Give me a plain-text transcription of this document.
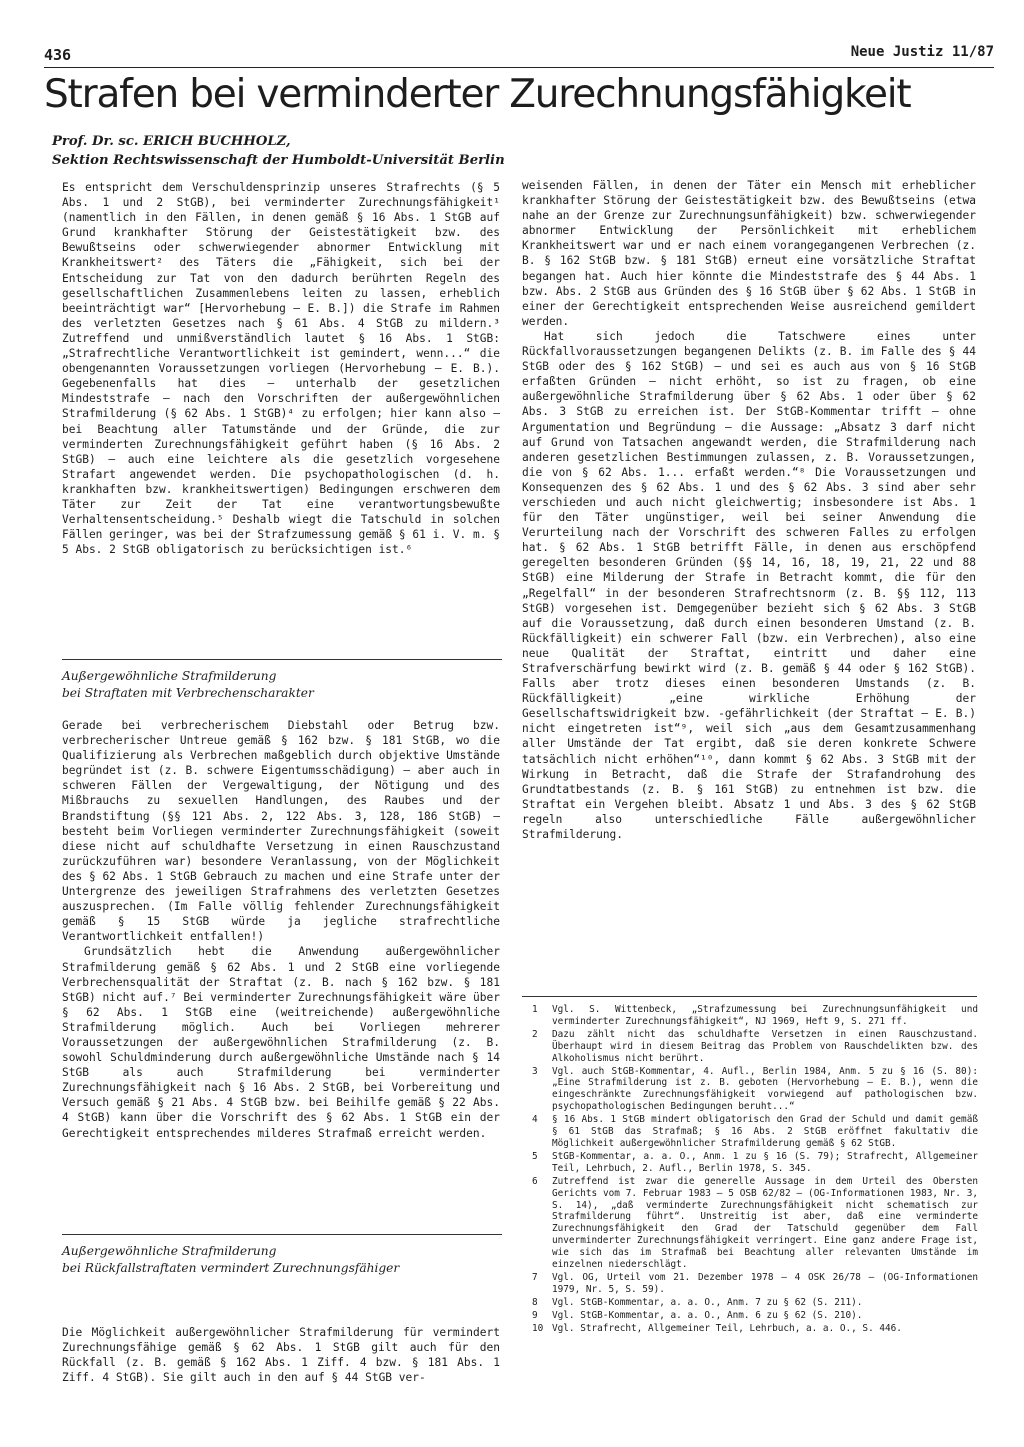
436	Neue Justiz 11/87
Strafen bei verminderter Zurechnungsfähigkeit
Prof. Dr. sc. ERICH BUCHHOLZ,
Sektion Rechtswissenschaft der Humboldt-Universität Berlin

Es entspricht dem Verschuldensprinzip unseres Strafrechts (§ 5 Abs. 1 und 2 StGB), bei verminderter Zurechnungsfähigkeit¹ (namentlich in den Fällen, in denen gemäß § 16 Abs. 1 StGB auf Grund krankhafter Störung der Geistestätigkeit bzw. des Bewußtseins oder schwerwiegender abnormer Entwicklung mit Krankheitswert² des Täters die „Fähigkeit, sich bei der Entscheidung zur Tat von den dadurch berührten Regeln des gesellschaftlichen Zusammenlebens leiten zu lassen, erheblich beeinträchtigt war“ [Hervorhebung — E. B.]) die Strafe im Rahmen des verletzten Gesetzes nach § 61 Abs. 4 StGB zu mildern.³ Zutreffend und unmißverständlich lautet § 16 Abs. 1 StGB: „Strafrechtliche Verantwortlichkeit ist gemindert, wenn...“ die obengenannten Voraussetzungen vorliegen (Hervorhebung — E. B.). Gegebenenfalls hat dies — unterhalb der gesetzlichen Mindeststrafe — nach den Vorschriften der außergewöhnlichen Strafmilderung (§ 62 Abs. 1 StGB)⁴ zu erfolgen; hier kann also — bei Beachtung aller Tatumstände und der Gründe, die zur verminderten Zurechnungsfähigkeit geführt haben (§ 16 Abs. 2 StGB) — auch eine leichtere als die gesetzlich vorgesehene Strafart angewendet werden. Die psychopathologischen (d. h. krankhaften bzw. krankheitswertigen) Bedingungen erschweren dem Täter zur Zeit der Tat eine verantwortungsbewußte Verhaltensentscheidung.⁵ Deshalb wiegt die Tatschuld in solchen Fällen geringer, was bei der Strafzumessung gemäß § 61 i. V. m. § 5 Abs. 2 StGB obligatorisch zu berücksichtigen ist.⁶

Außergewöhnliche Strafmilderung
bei Straftaten mit Verbrechenscharakter

Gerade bei verbrecherischem Diebstahl oder Betrug bzw. verbrecherischer Untreue gemäß § 162 bzw. § 181 StGB, wo die Qualifizierung als Verbrechen maßgeblich durch objektive Umstände begründet ist (z. B. schwere Eigentumsschädigung) — aber auch in schweren Fällen der Vergewaltigung, der Nötigung und des Mißbrauchs zu sexuellen Handlungen, des Raubes und der Brandstiftung (§§ 121 Abs. 2, 122 Abs. 3, 128, 186 StGB) — besteht beim Vorliegen verminderter Zurechnungsfähigkeit (soweit diese nicht auf schuldhafte Versetzung in einen Rauschzustand zurückzuführen war) besondere Veranlassung, von der Möglichkeit des § 62 Abs. 1 StGB Gebrauch zu machen und eine Strafe unter der Untergrenze des jeweiligen Strafrahmens des verletzten Gesetzes auszusprechen. (Im Falle völlig fehlender Zurechnungsfähigkeit gemäß § 15 StGB würde ja jegliche strafrechtliche Verantwortlichkeit entfallen!)

Grundsätzlich hebt die Anwendung außergewöhnlicher Strafmilderung gemäß § 62 Abs. 1 und 2 StGB eine vorliegende Verbrechensqualität der Straftat (z. B. nach § 162 bzw. § 181 StGB) nicht auf.⁷ Bei verminderter Zurechnungsfähigkeit wäre über § 62 Abs. 1 StGB eine (weitreichende) außergewöhnliche Strafmilderung möglich. Auch bei Vorliegen mehrerer Voraussetzungen der außergewöhnlichen Strafmilderung (z. B. sowohl Schuldminderung durch außergewöhnliche Umstände nach § 14 StGB als auch Strafmilderung bei verminderter Zurechnungsfähigkeit nach § 16 Abs. 2 StGB, bei Vorbereitung und Versuch gemäß § 21 Abs. 4 StGB bzw. bei Beihilfe gemäß § 22 Abs. 4 StGB) kann über die Vorschrift des § 62 Abs. 1 StGB ein der Gerechtigkeit entsprechendes milderes Strafmaß erreicht werden.

Außergewöhnliche Strafmilderung
bei Rückfallstraftaten vermindert Zurechnungsfähiger

Die Möglichkeit außergewöhnlicher Strafmilderung für vermindert Zurechnungsfähige gemäß § 62 Abs. 1 StGB gilt auch für den Rückfall (z. B. gemäß § 162 Abs. 1 Ziff. 4 bzw. § 181 Abs. 1 Ziff. 4 StGB). Sie gilt auch in den auf § 44 StGB ver-

weisenden Fällen, in denen der Täter ein Mensch mit erheblicher krankhafter Störung der Geistestätigkeit bzw. des Bewußtseins (etwa nahe an der Grenze zur Zurechnungsunfähigkeit) bzw. schwerwiegender abnormer Entwicklung der Persönlichkeit mit erheblichem Krankheitswert war und er nach einem vorangegangenen Verbrechen (z. B. § 162 StGB bzw. § 181 StGB) erneut eine vorsätzliche Straftat begangen hat. Auch hier könnte die Mindeststrafe des § 44 Abs. 1 bzw. Abs. 2 StGB aus Gründen des § 16 StGB über § 62 Abs. 1 StGB in einer der Gerechtigkeit entsprechenden Weise ausreichend gemildert werden.

Hat sich jedoch die Tatschwere eines unter Rückfallvoraussetzungen begangenen Delikts (z. B. im Falle des § 44 StGB oder des § 162 StGB) — und sei es auch aus von § 16 StGB erfaßten Gründen — nicht erhöht, so ist zu fragen, ob eine außergewöhnliche Strafmilderung über § 62 Abs. 1 oder über § 62 Abs. 3 StGB zu erreichen ist. Der StGB-Kommentar trifft — ohne Argumentation und Begründung — die Aussage: „Absatz 3 darf nicht auf Grund von Tatsachen angewandt werden, die Strafmilderung nach anderen gesetzlichen Bestimmungen zulassen, z. B. Voraussetzungen, die von § 62 Abs. 1... erfaßt werden.“⁸ Die Voraussetzungen und Konsequenzen des § 62 Abs. 1 und des § 62 Abs. 3 sind aber sehr verschieden und auch nicht gleichwertig; insbesondere ist Abs. 1 für den Täter ungünstiger, weil bei seiner Anwendung die Verurteilung nach der Vorschrift des schweren Falles zu erfolgen hat. § 62 Abs. 1 StGB betrifft Fälle, in denen aus erschöpfend geregelten besonderen Gründen (§§ 14, 16, 18, 19, 21, 22 und 88 StGB) eine Milderung der Strafe in Betracht kommt, die für den „Regelfall“ in der besonderen Strafrechtsnorm (z. B. §§ 112, 113 StGB) vorgesehen ist. Demgegenüber bezieht sich § 62 Abs. 3 StGB auf die Voraussetzung, daß durch einen besonderen Umstand (z. B. Rückfälligkeit) ein schwerer Fall (bzw. ein Verbrechen), also eine neue Qualität der Straftat, eintritt und daher eine Strafverschärfung bewirkt wird (z. B. gemäß § 44 oder § 162 StGB). Falls aber trotz dieses einen besonderen Umstands (z. B. Rückfälligkeit) „eine wirkliche Erhöhung der Gesellschaftswidrigkeit bzw. -gefährlichkeit (der Straftat — E. B.) nicht eingetreten ist“⁹, weil sich „aus dem Gesamtzusammenhang aller Umstände der Tat ergibt, daß sie deren konkrete Schwere tatsächlich nicht erhöhen“¹⁰, dann kommt § 62 Abs. 3 StGB mit der Wirkung in Betracht, daß die Strafe der Strafandrohung des Grundtatbestands (z. B. § 161 StGB) zu entnehmen ist bzw. die Straftat ein Vergehen bleibt. Absatz 1 und Abs. 3 des § 62 StGB regeln also unterschiedliche Fälle außergewöhnlicher Strafmilderung.

1	Vgl. S. Wittenbeck, „Strafzumessung bei Zurechnungsunfähigkeit und verminderter Zurechnungsfähigkeit“, NJ 1969, Heft 9, S. 271 ff.
2	Dazu zählt nicht das schuldhafte Versetzen in einen Rauschzustand. Überhaupt wird in diesem Beitrag das Problem von Rauschdelikten bzw. des Alkoholismus nicht berührt.
3	Vgl. auch StGB-Kommentar, 4. Aufl., Berlin 1984, Anm. 5 zu § 16 (S. 80): „Eine Strafmilderung ist z. B. geboten (Hervorhebung — E. B.), wenn die eingeschränkte Zurechnungsfähigkeit vorwiegend auf pathologischen bzw. psychopathologischen Bedingungen beruht...“
4	§ 16 Abs. 1 StGB mindert obligatorisch den Grad der Schuld und damit gemäß § 61 StGB das Strafmaß; § 16 Abs. 2 StGB eröffnet fakultativ die Möglichkeit außergewöhnlicher Strafmilderung gemäß § 62 StGB.
5	StGB-Kommentar, a. a. O., Anm. 1 zu § 16 (S. 79); Strafrecht, Allgemeiner Teil, Lehrbuch, 2. Aufl., Berlin 1978, S. 345.
6	Zutreffend ist zwar die generelle Aussage in dem Urteil des Obersten Gerichts vom 7. Februar 1983 — 5 OSB 62/82 — (OG-Informationen 1983, Nr. 3, S. 14), „daß verminderte Zurechnungsfähigkeit nicht schematisch zur Strafmilderung führt“. Unstreitig ist aber, daß eine verminderte Zurechnungsfähigkeit den Grad der Tatschuld gegenüber dem Fall unverminderter Zurechnungsfähigkeit verringert. Eine ganz andere Frage ist, wie sich das im Strafmaß bei Beachtung aller relevanten Umstände im einzelnen niederschlägt.
7	Vgl. OG, Urteil vom 21. Dezember 1978 — 4 OSK 26/78 — (OG-Informationen 1979, Nr. 5, S. 59).
8	Vgl. StGB-Kommentar, a. a. O., Anm. 7 zu § 62 (S. 211).
9	Vgl. StGB-Kommentar, a. a. O., Anm. 6 zu § 62 (S. 210).
10 Vgl. Strafrecht, Allgemeiner Teil, Lehrbuch, a. a. O., S. 446.
